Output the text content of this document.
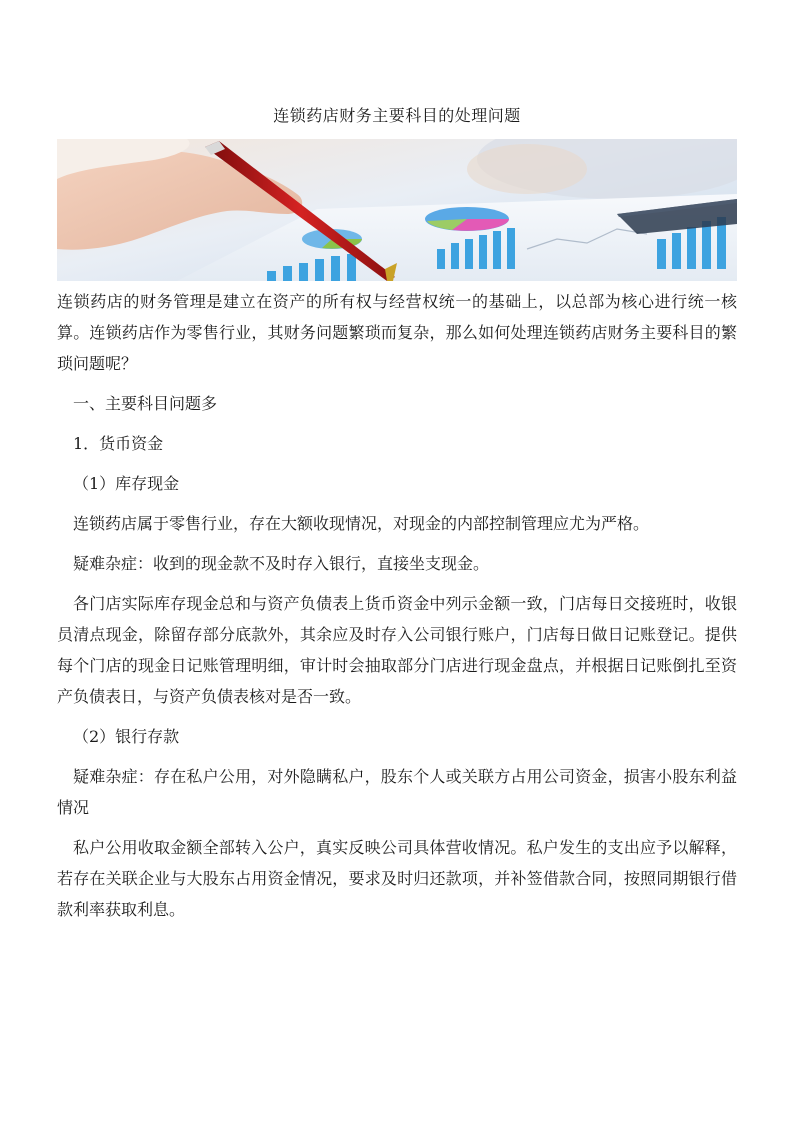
连锁药店财务主要科目的处理问题

连锁药店的财务管理是建立在资产的所有权与经营权统一的基础上，以总部为核心进行统一核算。连锁药店作为零售行业，其财务问题繁琐而复杂，那么如何处理连锁药店财务主要科目的繁琐问题呢？

一、主要科目问题多

1．货币资金

（1）库存现金

连锁药店属于零售行业，存在大额收现情况，对现金的内部控制管理应尤为严格。

疑难杂症：收到的现金款不及时存入银行，直接坐支现金。

各门店实际库存现金总和与资产负债表上货币资金中列示金额一致，门店每日交接班时，收银员清点现金，除留存部分底款外，其余应及时存入公司银行账户，门店每日做日记账登记。提供每个门店的现金日记账管理明细，审计时会抽取部分门店进行现金盘点，并根据日记账倒扎至资产负债表日，与资产负债表核对是否一致。

（2）银行存款

疑难杂症：存在私户公用，对外隐瞒私户，股东个人或关联方占用公司资金，损害小股东利益情况

私户公用收取金额全部转入公户，真实反映公司具体营收情况。私户发生的支出应予以解释，若存在关联企业与大股东占用资金情况，要求及时归还款项，并补签借款合同，按照同期银行借款利率获取利息。
